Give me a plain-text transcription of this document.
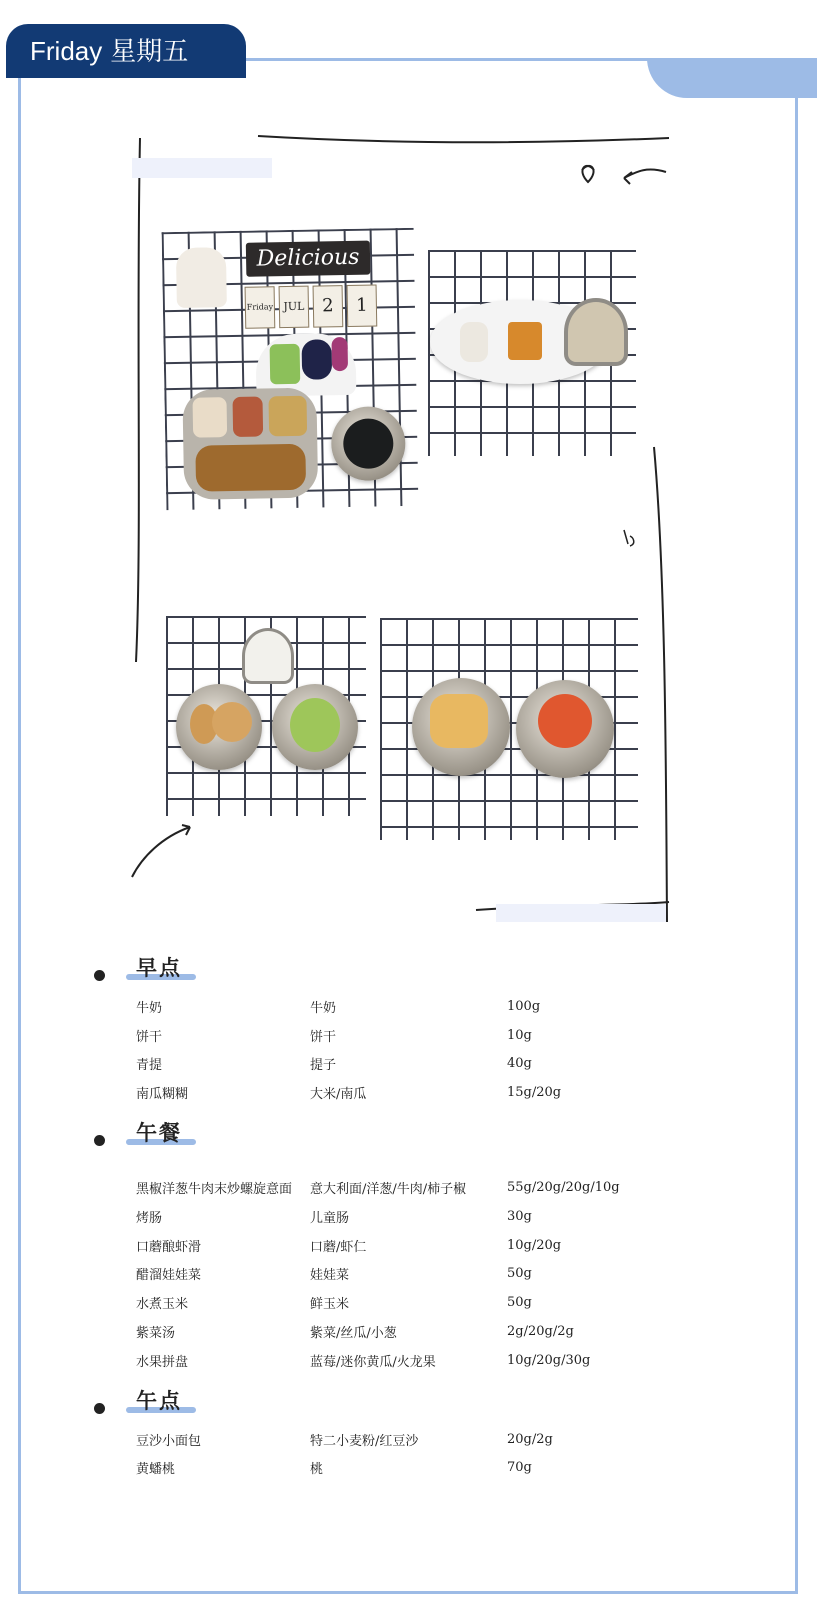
Friday 星期五
Delicious
Friday JUL 2	1
早点
牛奶	牛奶	100g
饼干	饼干	10g
青提	提子	40g
南瓜糊糊	大米/南瓜	15g/20g
午餐
黑椒洋葱牛肉末炒螺旋意面	意大利面/洋葱/牛肉/柿子椒	55g/20g/20g/10g
烤肠	儿童肠	30g
口蘑酿虾滑	口蘑/虾仁	10g/20g
醋溜娃娃菜	娃娃菜	50g
水煮玉米	鲜玉米	50g
紫菜汤	紫菜/丝瓜/小葱	2g/20g/2g
水果拼盘	蓝莓/迷你黄瓜/火龙果	10g/20g/30g
午点
豆沙小面包	特二小麦粉/红豆沙	20g/2g
黄蟠桃	桃	70g
